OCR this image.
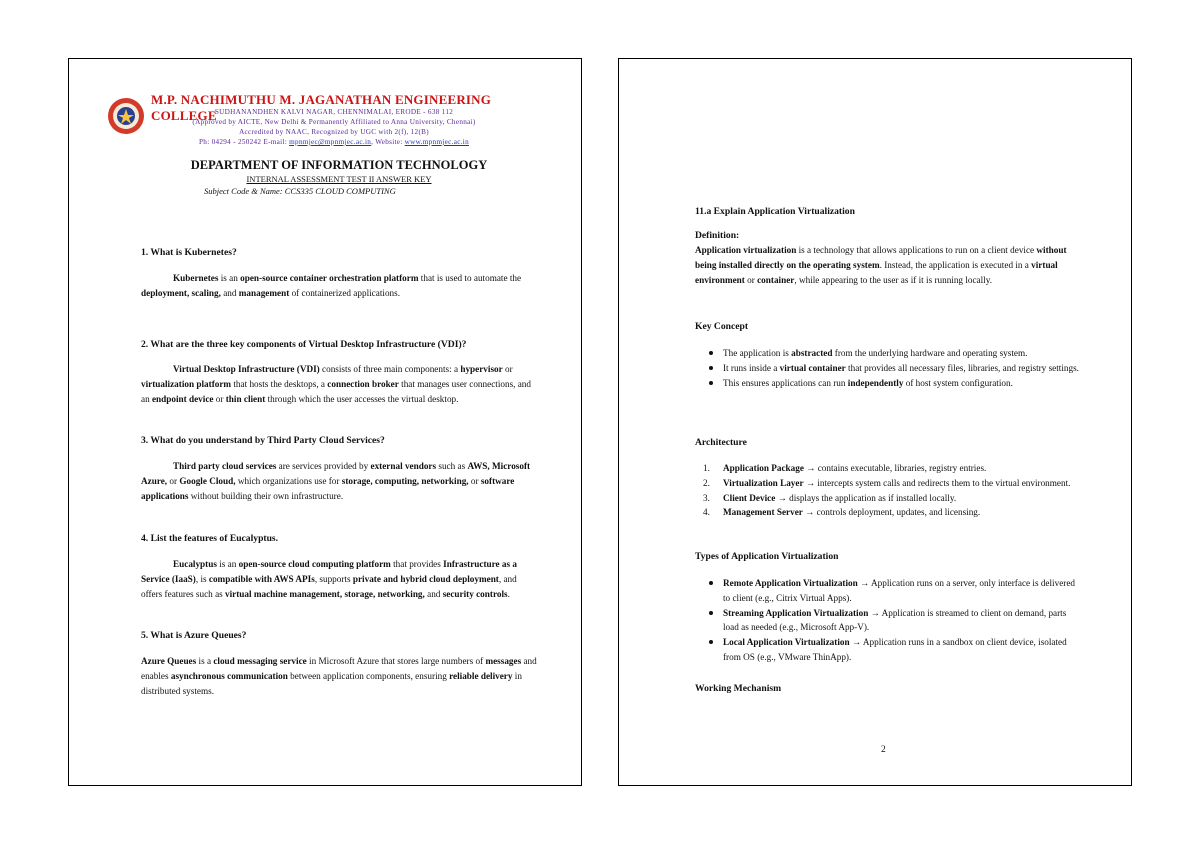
M.P. NACHIMUTHU M. JAGANATHAN ENGINEERING COLLEGE
SUDHANANDHEN KALVI NAGAR, CHENNIMALAI, ERODE - 638 112
(Approved by AICTE, New Delhi & Permanently Affiliated to Anna University, Chennai)
Accredited by NAAC, Recognized by UGC with 2(f), 12(B)
Ph: 04294 - 250242 E-mail: mpnmjec@mpnmjec.ac.in, Website: www.mpnmjec.ac.in
DEPARTMENT OF INFORMATION TECHNOLOGY
INTERNAL ASSESSMENT TEST II ANSWER KEY
Subject Code & Name: CCS335 CLOUD COMPUTING
1. What is Kubernetes?
Kubernetes is an open-source container orchestration platform that is used to automate the deployment, scaling, and management of containerized applications.
2. What are the three key components of Virtual Desktop Infrastructure (VDI)?
Virtual Desktop Infrastructure (VDI) consists of three main components: a hypervisor or virtualization platform that hosts the desktops, a connection broker that manages user connections, and an endpoint device or thin client through which the user accesses the virtual desktop.
3. What do you understand by Third Party Cloud Services?
Third party cloud services are services provided by external vendors such as AWS, Microsoft Azure, or Google Cloud, which organizations use for storage, computing, networking, or software applications without building their own infrastructure.
4. List the features of Eucalyptus.
Eucalyptus is an open-source cloud computing platform that provides Infrastructure as a Service (IaaS), is compatible with AWS APIs, supports private and hybrid cloud deployment, and offers features such as virtual machine management, storage, networking, and security controls.
5. What is Azure Queues?
Azure Queues is a cloud messaging service in Microsoft Azure that stores large numbers of messages and enables asynchronous communication between application components, ensuring reliable delivery in distributed systems.
11.a Explain Application Virtualization
Definition:
Application virtualization is a technology that allows applications to run on a client device without being installed directly on the operating system. Instead, the application is executed in a virtual environment or container, while appearing to the user as if it is running locally.
Key Concept
The application is abstracted from the underlying hardware and operating system.
It runs inside a virtual container that provides all necessary files, libraries, and registry settings.
This ensures applications can run independently of host system configuration.
Architecture
1. Application Package → contains executable, libraries, registry entries.
2. Virtualization Layer → intercepts system calls and redirects them to the virtual environment.
3. Client Device → displays the application as if installed locally.
4. Management Server → controls deployment, updates, and licensing.
Types of Application Virtualization
Remote Application Virtualization → Application runs on a server, only interface is delivered to client (e.g., Citrix Virtual Apps).
Streaming Application Virtualization → Application is streamed to client on demand, parts load as needed (e.g., Microsoft App-V).
Local Application Virtualization → Application runs in a sandbox on client device, isolated from OS (e.g., VMware ThinApp).
Working Mechanism
2
